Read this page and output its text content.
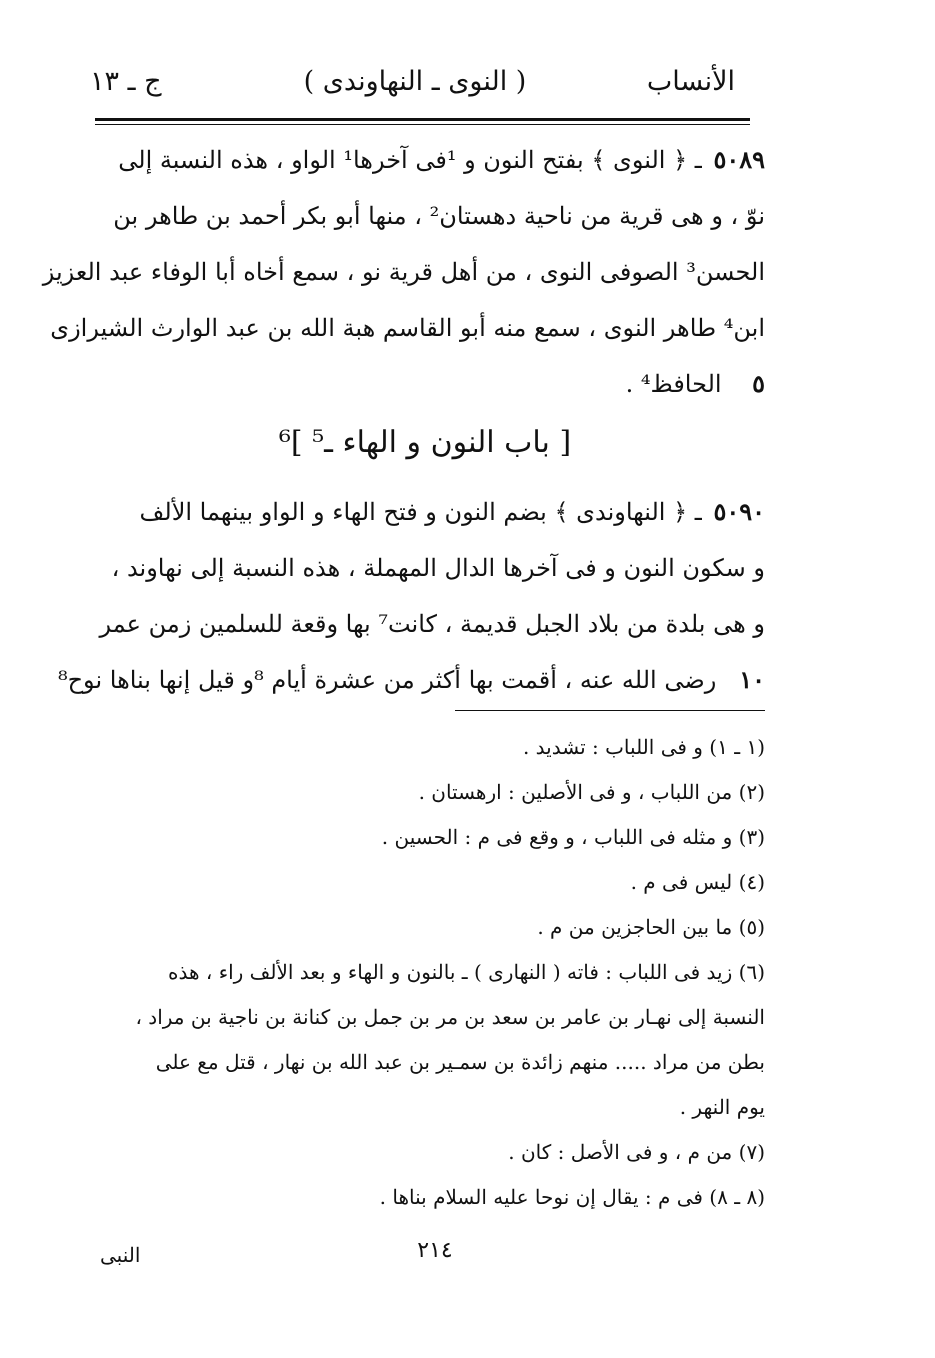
الأنساب
( النوى ـ النهاوندى )
ج ـ ١٣
٥٠٨٩ ـ ﴿ النوى ﴾ بفتح النون و ¹فى آخرها¹ الواو ، هذه النسبة إلى
نوّ ، و هى قرية من ناحية دهستان² ، منها أبو بكر أحمد بن طاهر بن
الحسن³ الصوفى النوى ، من أهل قرية نو ، سمع أخاه أبا الوفاء عبد العزيز
ابن⁴ طاهر النوى ، سمع منه أبو القاسم هبة الله بن عبد الوارث الشيرازى
٥    الحافظ⁴ .
[ باب النون و الهاء ـ⁵ ]⁶
٥٠٩٠ ـ ﴿ النهاوندى ﴾ بضم النون و فتح الهاء و الواو بينهما الألف
و سكون النون و فى آخرها الدال المهملة ، هذه النسبة إلى نهاوند ،
و هى بلدة من بلاد الجبل قديمة ، كانت⁷ بها وقعة للسلمين زمن عمر
١٠   رضى الله عنه ، أقمت بها أكثر من عشرة أيام ⁸و قيل إنها بناها نوح⁸
(١ ـ ١) و فى اللباب : تشديد .
(٢) من اللباب ، و فى الأصلين : ارهستان .
(٣) و مثله فى اللباب ، و وقع فى م : الحسين .
(٤) ليس فى م .
(٥) ما بين الحاجزين من م .
(٦) زيد فى اللباب : فاته ( النهارى ) ـ بالنون و الهاء و بعد الألف راء ، هذه
النسبة إلى نهـار بن عامر بن سعد بن مر بن جمل بن كنانة بن ناجية بن مراد ،
بطن من مراد ..... منهم زائدة بن سمـير بن عبد الله بن نهار ، قتل مع على
يوم النهر .
(٧) من م ، و فى الأصل : كان .
(٨ ـ ٨) فى م : يقال إن نوحا عليه السلام بناها .
٢١٤
النبى
